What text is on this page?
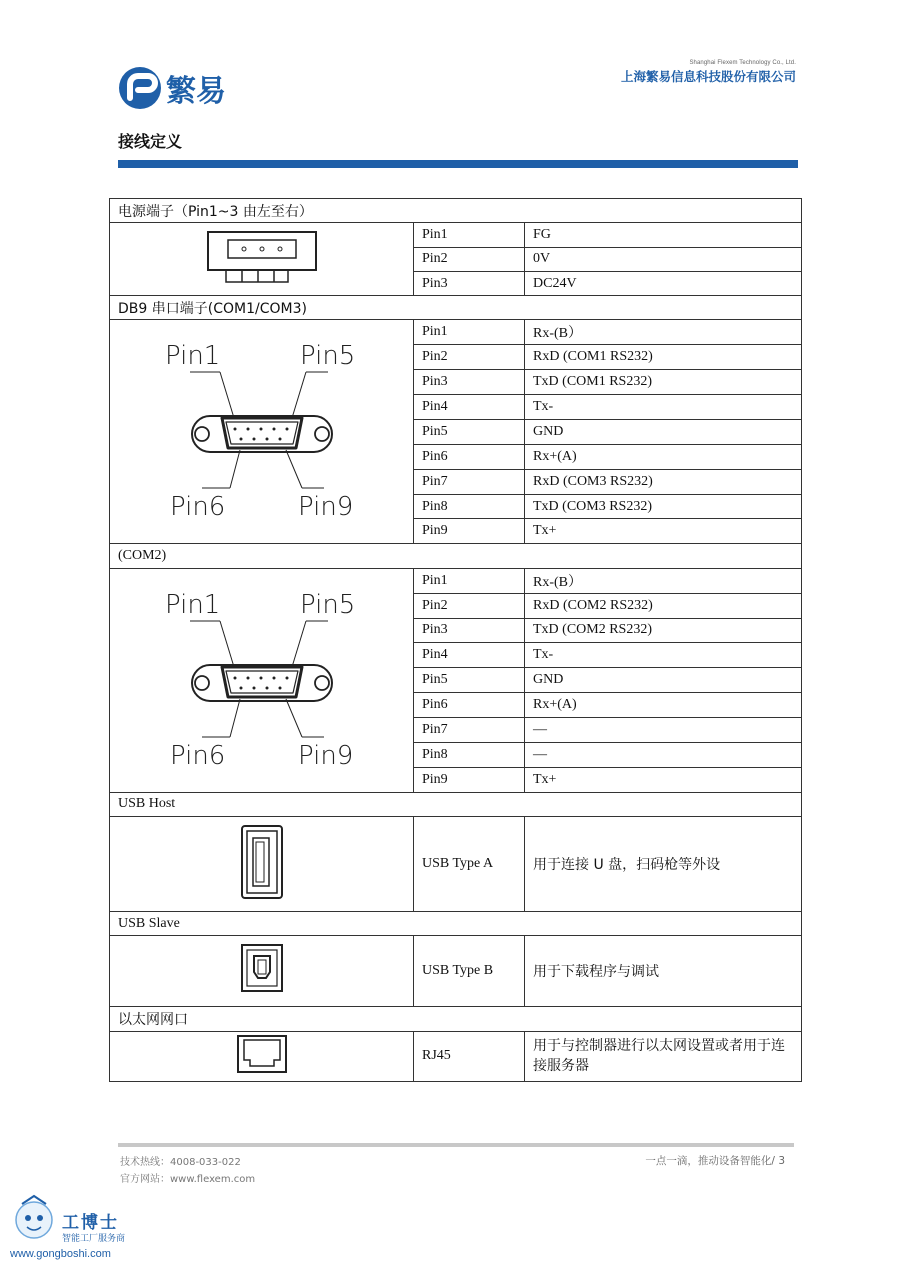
繁易
Shanghai Flexem Technology Co., Ltd.
上海繁易信息科技股份有限公司
接线定义
电源端子（Pin1~3 由左至右）		
	Pin1	FG
	Pin2	0V
	Pin3	DC24V
DB9 串口端子(COM1/COM3)		

Pin1 Pin5
Pin6 Pin9	Pin1	Rx-(B）
	Pin2	RxD (COM1 RS232)
	Pin3	TxD (COM1 RS232)
	Pin4	Tx-
	Pin5	GND
	Pin6	Rx+(A)
	Pin7	RxD (COM3 RS232)
	Pin8	TxD (COM3 RS232)
	Pin9	Tx+
(COM2)		

Pin1 Pin5
Pin6 Pin9	Pin1	Rx-(B）
	Pin2	RxD (COM2 RS232)
	Pin3	TxD (COM2 RS232)
	Pin4	Tx-
	Pin5	GND
	Pin6	Rx+(A)
	Pin7	—
	Pin8	—
	Pin9	Tx+
USB Host		
	USB Type A	用于连接 U 盘，扫码枪等外设
USB Slave		
	USB Type B	用于下载程序与调试
以太网网口		
	RJ45	用于与控制器进行以太网设置或者用于连接服务器
技术热线：4008-033-022
官方网站：www.flexem.com
一点一滴，推动设备智能化/ 3
工博士
智能工厂服务商
www.gongboshi.com
